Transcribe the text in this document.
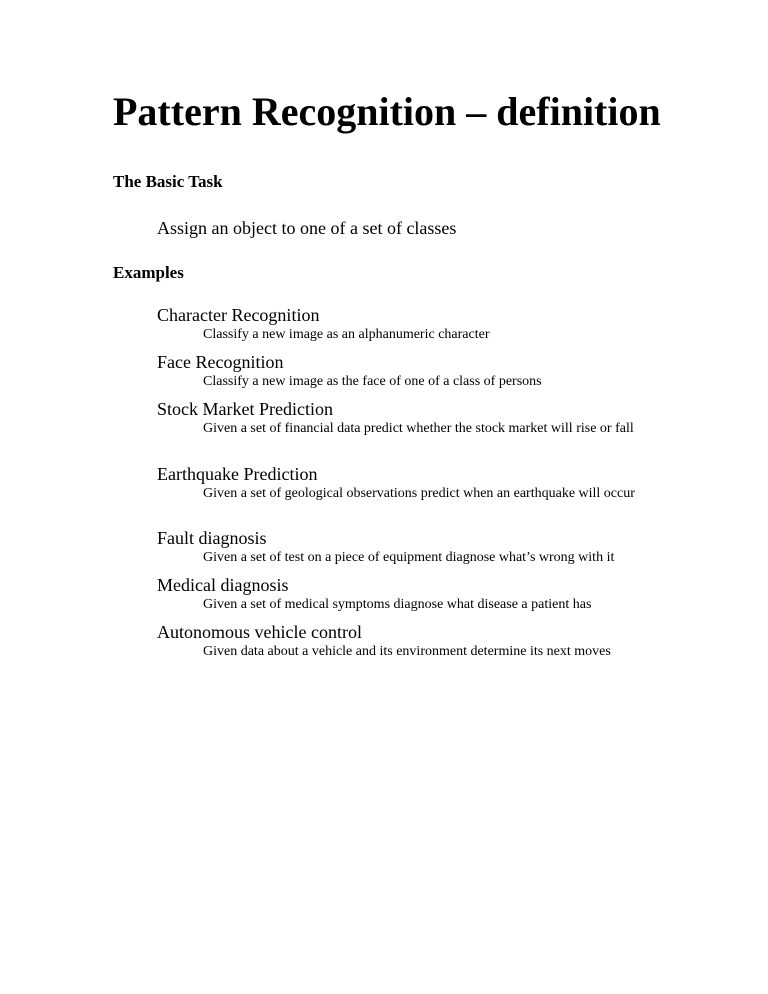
Pattern Recognition – definition
The Basic Task
Assign an object to one of a set of classes
Examples
Character Recognition
Classify a new image as an alphanumeric character
Face Recognition
Classify a new image as the face of one of a class of persons
Stock Market Prediction
Given a set of financial data predict whether the stock market will rise or fall
Earthquake Prediction
Given a set of geological observations predict when an earthquake will occur
Fault diagnosis
Given a set of test on a piece of equipment diagnose what’s wrong with it
Medical diagnosis
Given a set of medical symptoms diagnose what disease a patient has
Autonomous vehicle control
Given data about a vehicle and its environment determine its next moves
